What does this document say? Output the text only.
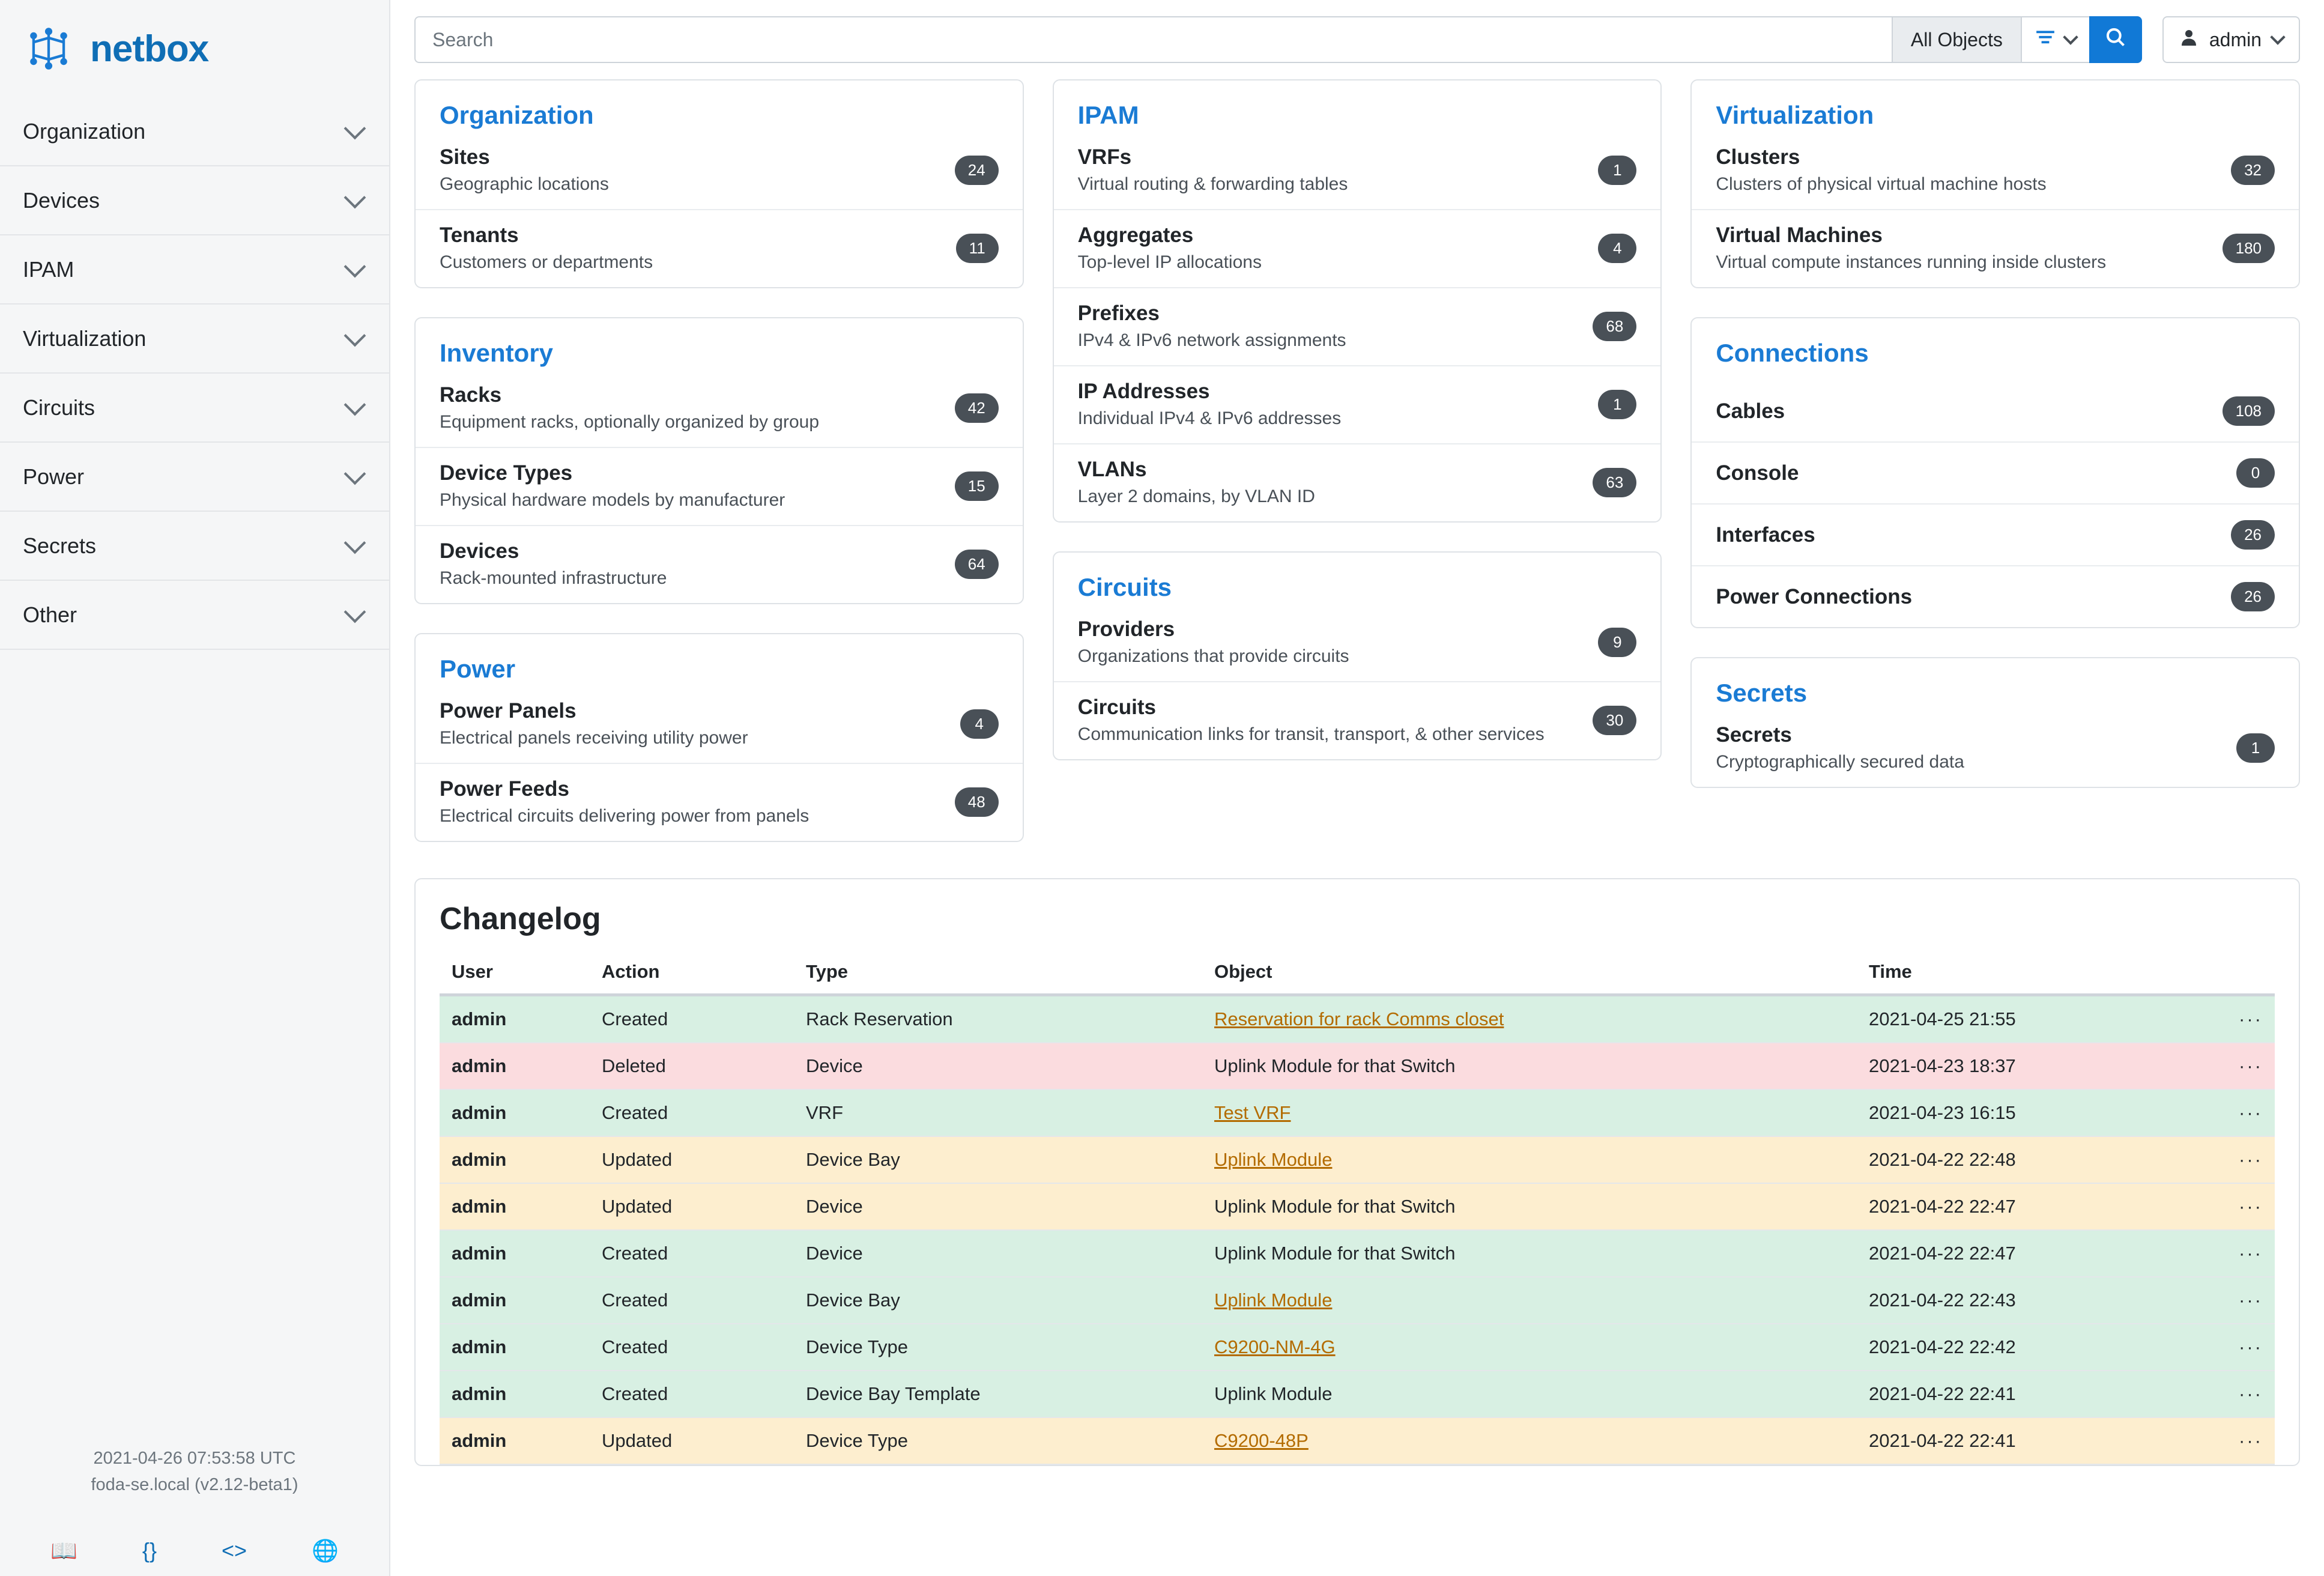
netbox
Organization
Devices
IPAM
Virtualization
Circuits
Power
Secrets
Other
2021-04-26 07:53:58 UTC
foda-se.local (v2.12-beta1)
📖	{}	<>	🌐
Search
All Objects	admin
Organization
Sites
Geographic locations
24
Tenants
Customers or departments
11
Inventory
Racks
Equipment racks, optionally organized by group
42
Device Types
Physical hardware models by manufacturer
15
Devices
Rack-mounted infrastructure
64
Power
Power Panels
Electrical panels receiving utility power
4
Power Feeds
Electrical circuits delivering power from panels
48
IPAM
VRFs
Virtual routing & forwarding tables
1
Aggregates
Top-level IP allocations
4
Prefixes
IPv4 & IPv6 network assignments
68
IP Addresses
Individual IPv4 & IPv6 addresses
1
VLANs
Layer 2 domains, by VLAN ID
63
Circuits
Providers
Organizations that provide circuits
9
Circuits
Communication links for transit, transport, & other services
30
Virtualization
Clusters
Clusters of physical virtual machine hosts
32
Virtual Machines
Virtual compute instances running inside clusters
180
Connections
Cables	108
Console	0
Interfaces	26
Power Connections	26
Secrets
Secrets
Cryptographically secured data
1
Changelog
User	Action	Type	Object	Time	
admin	Created	Rack Reservation	Reservation for rack Comms closet	2021-04-25 21:55	···
admin	Deleted	Device	Uplink Module for that Switch	2021-04-23 18:37	···
admin	Created	VRF	Test VRF	2021-04-23 16:15	···
admin	Updated	Device Bay	Uplink Module	2021-04-22 22:48	···
admin	Updated	Device	Uplink Module for that Switch	2021-04-22 22:47	···
admin	Created	Device	Uplink Module for that Switch	2021-04-22 22:47	···
admin	Created	Device Bay	Uplink Module	2021-04-22 22:43	···
admin	Created	Device Type	C9200-NM-4G	2021-04-22 22:42	···
admin	Created	Device Bay Template	Uplink Module	2021-04-22 22:41	···
admin	Updated	Device Type	C9200-48P	2021-04-22 22:41	···
